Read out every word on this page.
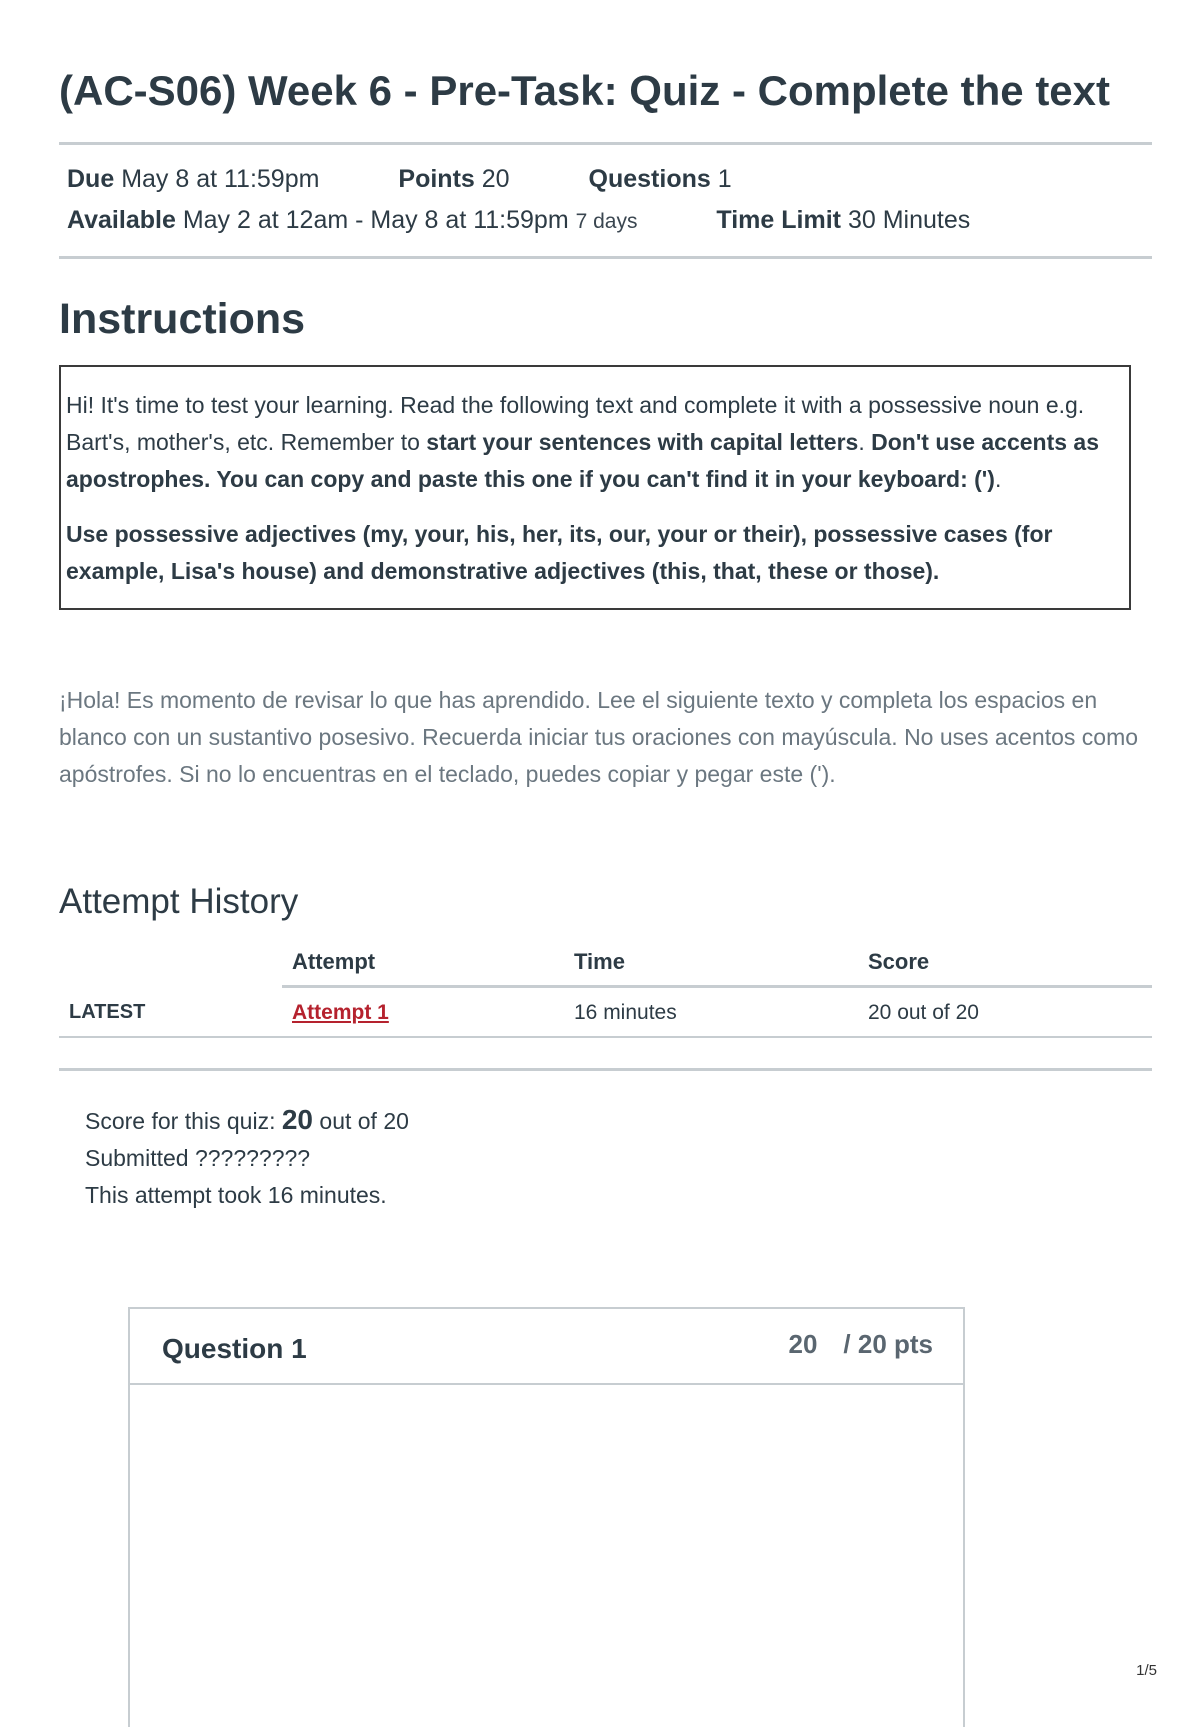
(AC-S06) Week 6 - Pre-Task: Quiz - Complete the text
Due May 8 at 11:59pm	Points 20	Questions 1
Available May 2 at 12am - May 8 at 11:59pm 7 days	Time Limit 30 Minutes
Instructions

Hi! It's time to test your learning. Read the following text and complete it with a possessive noun e.g. Bart's, mother's, etc. Remember to start your sentences with capital letters. Don't use accents as apostrophes. You can copy and paste this one if you can't find it in your keyboard: (').

Use possessive adjectives (my, your, his, her, its, our, your or their), possessive cases (for example, Lisa's house) and demonstrative adjectives (this, that, these or those).

¡Hola! Es momento de revisar lo que has aprendido. Lee el siguiente texto y completa los espacios en blanco con un sustantivo posesivo. Recuerda iniciar tus oraciones con mayúscula. No uses acentos como apóstrofes. Si no lo encuentras en el teclado, puedes copiar y pegar este (').
Attempt History
	Attempt	Time	Score
LATEST	Attempt 1	16 minutes	20 out of 20
Score for this quiz: 20 out of 20
Submitted ?????????
This attempt took 16 minutes.
Question 1	20 / 20 pts
1/5
